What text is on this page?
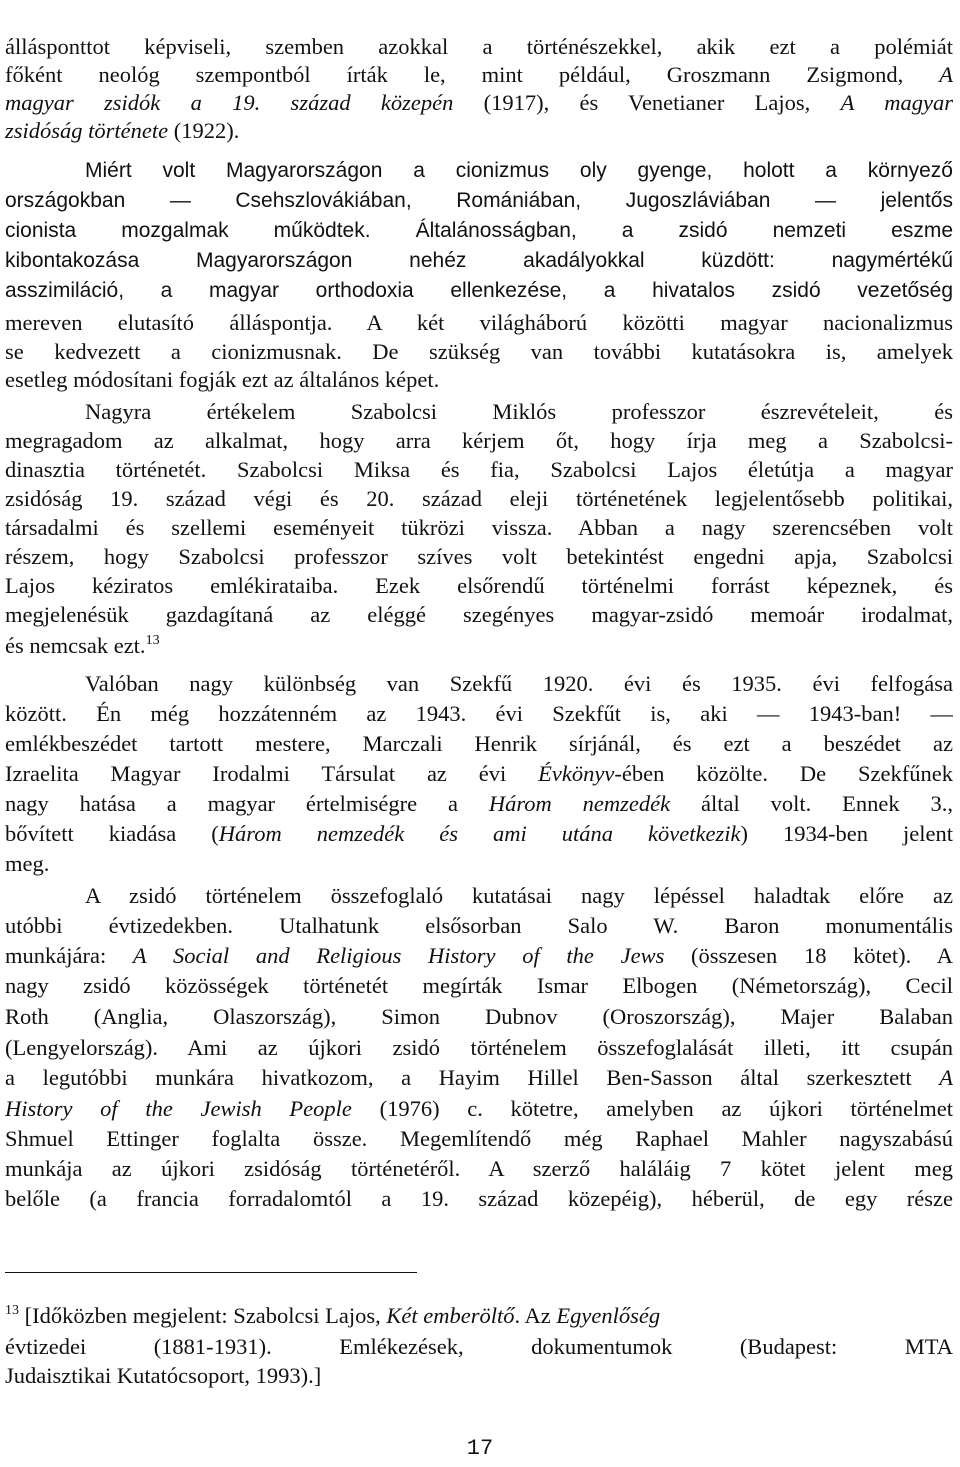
állásponttot képviseli, szemben azokkal a történészekkel, akik ezt a polémiát
főként neológ szempontból írták le, mint például, Groszmann Zsigmond, A
magyar zsidók a 19. század közepén (1917), és Venetianer Lajos, A magyar
zsidóság története (1922).
Miért volt Magyarországon a cionizmus oly gyenge, holott a környező
országokban — Csehszlovákiában, Romániában, Jugoszláviában — jelentős
cionista mozgalmak működtek. Általánosságban, a zsidó nemzeti eszme
kibontakozása Magyarországon nehéz akadályokkal küzdött: nagymértékű
asszimiláció, a magyar orthodoxia ellenkezése, a hivatalos zsidó vezetőség
mereven elutasító álláspontja. A két világháború közötti magyar nacionalizmus
se kedvezett a cionizmusnak. De szükség van további kutatásokra is, amelyek
esetleg módosítani fogják ezt az általános képet.
Nagyra értékelem Szabolcsi Miklós professzor észrevételeit, és
megragadom az alkalmat, hogy arra kérjem őt, hogy írja meg a Szabolcsi-
dinasztia történetét. Szabolcsi Miksa és fia, Szabolcsi Lajos életútja a magyar
zsidóság 19. század végi és 20. század eleji történetének legjelentősebb politikai,
társadalmi és szellemi eseményeit tükrözi vissza. Abban a nagy szerencsében volt
részem, hogy Szabolcsi professzor szíves volt betekintést engedni apja, Szabolcsi
Lajos kéziratos emlékirataiba. Ezek elsőrendű történelmi forrást képeznek, és
megjelenésük gazdagítaná az eléggé szegényes magyar-zsidó memoár irodalmat,
és nemcsak ezt.$^{13}$
Valóban nagy különbség van Szekfű 1920. évi és 1935. évi felfogása
között. Én még hozzátenném az 1943. évi Szekfűt is, aki — 1943-ban! —
emlékbeszédet tartott mestere, Marczali Henrik sírjánál, és ezt a beszédet az
Izraelita Magyar Irodalmi Társulat az évi Évkönyv-ében közölte. De Szekfűnek
nagy hatása a magyar értelmiségre a Három nemzedék által volt. Ennek 3.,
bővített kiadása (Három nemzedék és ami utána következik) 1934-ben jelent
meg.
A zsidó történelem összefoglaló kutatásai nagy lépéssel haladtak előre az
utóbbi évtizedekben. Utalhatunk elsősorban Salo W. Baron monumentális
munkájára: A Social and Religious History of the Jews (összesen 18 kötet). A
nagy zsidó közösségek történetét megírták Ismar Elbogen (Németország), Cecil
Roth (Anglia, Olaszország), Simon Dubnov (Oroszország), Majer Balaban
(Lengyelország). Ami az újkori zsidó történelem összefoglalását illeti, itt csupán
a legutóbbi munkára hivatkozom, a Hayim Hillel Ben-Sasson által szerkesztett A
History of the Jewish People (1976) c. kötetre, amelyben az újkori történelmet
Shmuel Ettinger foglalta össze. Megemlítendő még Raphael Mahler nagyszabású
munkája az újkori zsidóság történetéről. A szerző haláláig 7 kötet jelent meg
belőle (a francia forradalomtól a 19. század közepéig), héberül, de egy része
$^{13}$ [Időközben megjelent: Szabolcsi Lajos, Két emberöltő. Az Egyenlőség
évtizedei (1881-1931). Emlékezések, dokumentumok (Budapest: MTA
Judaisztikai Kutatócsoport, 1993).]
17
